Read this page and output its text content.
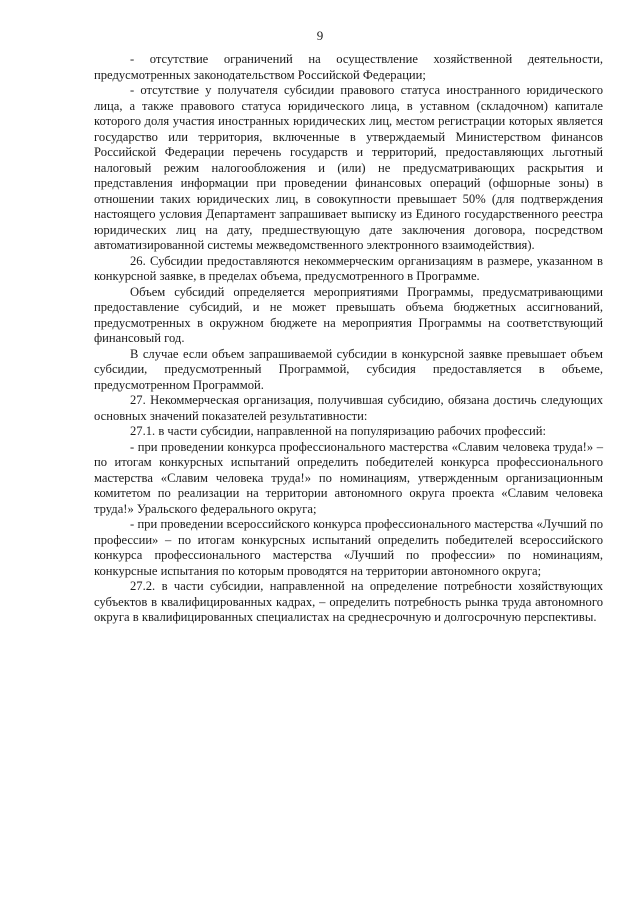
9

- отсутствие ограничений на осуществление хозяйственной деятельности, предусмотренных законодательством Российской Федерации;

- отсутствие у получателя субсидии правового статуса иностранного юридического лица, а также правового статуса юридического лица, в уставном (складочном) капитале которого доля участия иностранных юридических лиц, местом регистрации которых является государство или территория, включенные в утверждаемый Министерством финансов Российской Федерации перечень государств и территорий, предоставляющих льготный налоговый режим налогообложения и (или) не предусматривающих раскрытия и представления информации при проведении финансовых операций (офшорные зоны) в отношении таких юридических лиц, в совокупности превышает 50% (для подтверждения настоящего условия Департамент запрашивает выписку из Единого государственного реестра юридических лиц на дату, предшествующую дате заключения договора, посредством автоматизированной системы межведомственного электронного взаимодействия).

26. Субсидии предоставляются некоммерческим организациям в размере, указанном в конкурсной заявке, в пределах объема, предусмотренного в Программе.

Объем субсидий определяется мероприятиями Программы, предусматривающими предоставление субсидий, и не может превышать объема бюджетных ассигнований, предусмотренных в окружном бюджете на мероприятия Программы на соответствующий финансовый год.

В случае если объем запрашиваемой субсидии в конкурсной заявке превышает объем субсидии, предусмотренный Программой, субсидия предоставляется в объеме, предусмотренном Программой.

27. Некоммерческая организация, получившая субсидию, обязана достичь следующих основных значений показателей результативности:

27.1. в части субсидии, направленной на популяризацию рабочих профессий:

- при проведении конкурса профессионального мастерства «Славим человека труда!» – по итогам конкурсных испытаний определить победителей конкурса профессионального мастерства «Славим человека труда!» по номинациям, утвержденным организационным комитетом по реализации на территории автономного округа проекта «Славим человека труда!» Уральского федерального округа;

- при проведении всероссийского конкурса профессионального мастерства «Лучший по профессии» – по итогам конкурсных испытаний определить победителей всероссийского конкурса профессионального мастерства «Лучший по профессии» по номинациям, конкурсные испытания по которым проводятся на территории автономного округа;

27.2. в части субсидии, направленной на определение потребности хозяйствующих субъектов в квалифицированных кадрах, – определить потребность рынка труда автономного округа в квалифицированных специалистах на среднесрочную и долгосрочную перспективы.
